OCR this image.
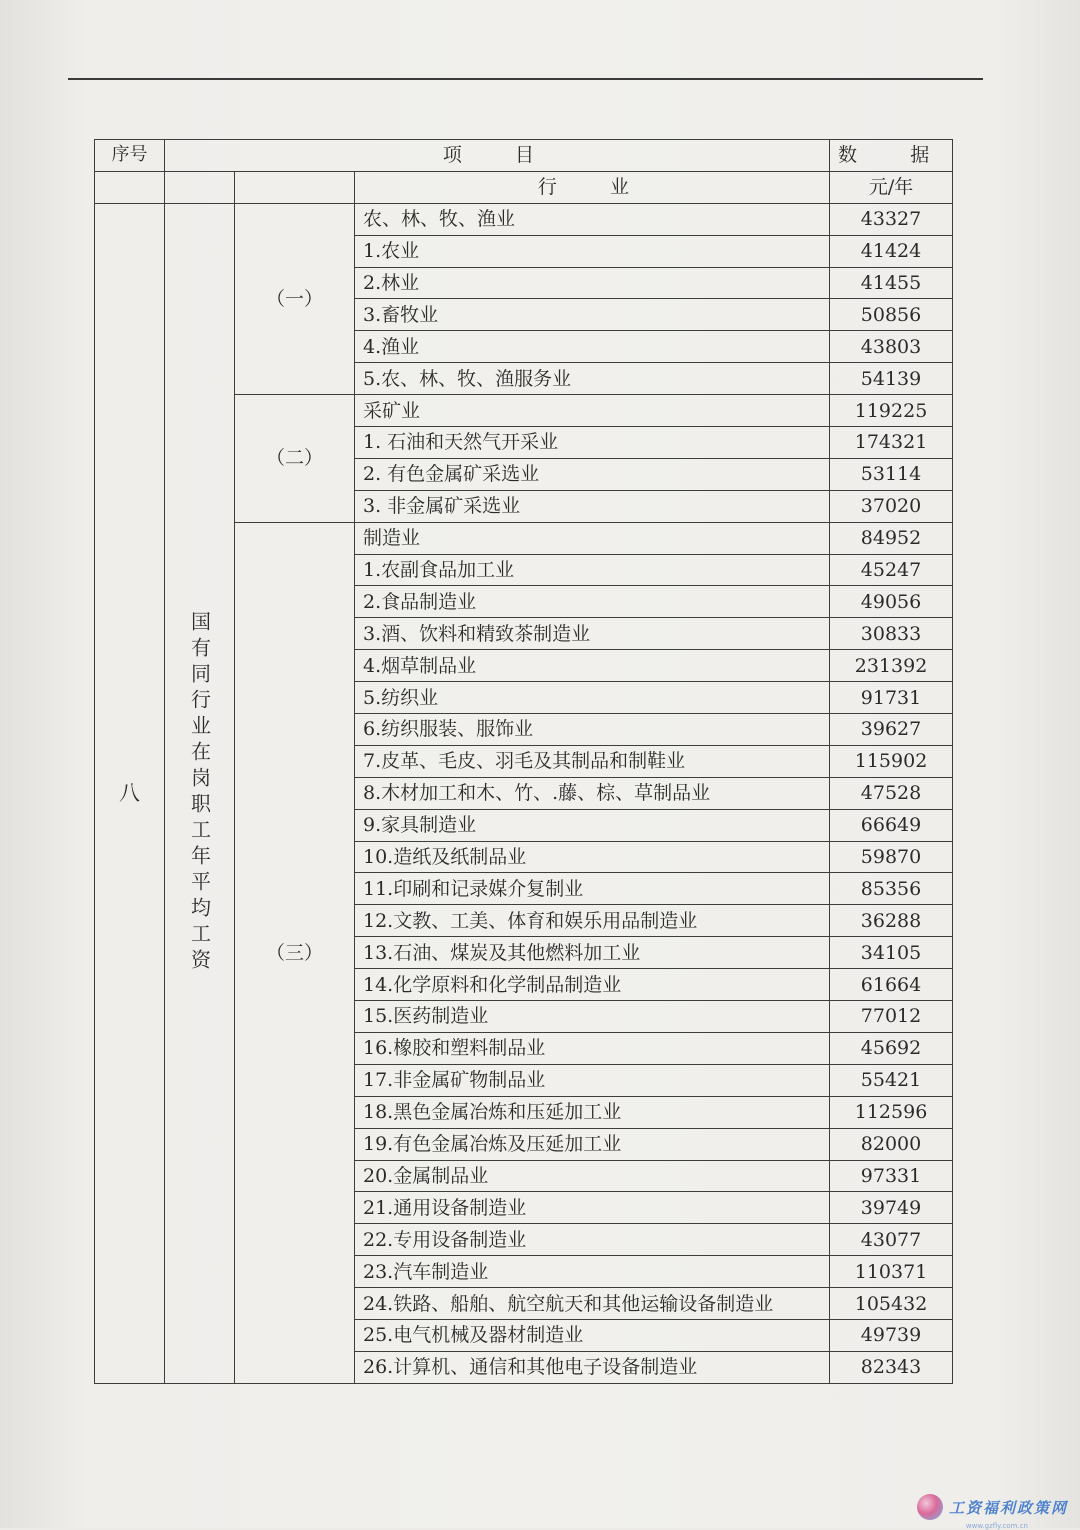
序号	项　目			数　据
			行　业	元/年
八	国有同行业在岗职工年平均工资	（一）	农、林、牧、渔业	43327
			1.农业	41424
			2.林业	41455
			3.畜牧业	50856
			4.渔业	43803
			5.农、林、牧、渔服务业	54139
		（二）	采矿业	119225
			1. 石油和天然气开采业	174321
			2. 有色金属矿采选业	53114
			3. 非金属矿采选业	37020
		（三）	制造业	84952
			1.农副食品加工业	45247
			2.食品制造业	49056
			3.酒、饮料和精致茶制造业	30833
			4.烟草制品业	231392
			5.纺织业	91731
			6.纺织服装、服饰业	39627
			7.皮革、毛皮、羽毛及其制品和制鞋业	115902
			8.木材加工和木、竹、.藤、棕、草制品业	47528
			9.家具制造业	66649
			10.造纸及纸制品业	59870
			11.印刷和记录媒介复制业	85356
			12.文教、工美、体育和娱乐用品制造业	36288
			13.石油、煤炭及其他燃料加工业	34105
			14.化学原料和化学制品制造业	61664
			15.医药制造业	77012
			16.橡胶和塑料制品业	45692
			17.非金属矿物制品业	55421
			18.黑色金属冶炼和压延加工业	112596
			19.有色金属冶炼及压延加工业	82000
			20.金属制品业	97331
			21.通用设备制造业	39749
			22.专用设备制造业	43077
			23.汽车制造业	110371
			24.铁路、船舶、航空航天和其他运输设备制造业	105432
			25.电气机械及器材制造业	49739
			26.计算机、通信和其他电子设备制造业	82343
工资福利政策网
www.gzfly.com.cn
